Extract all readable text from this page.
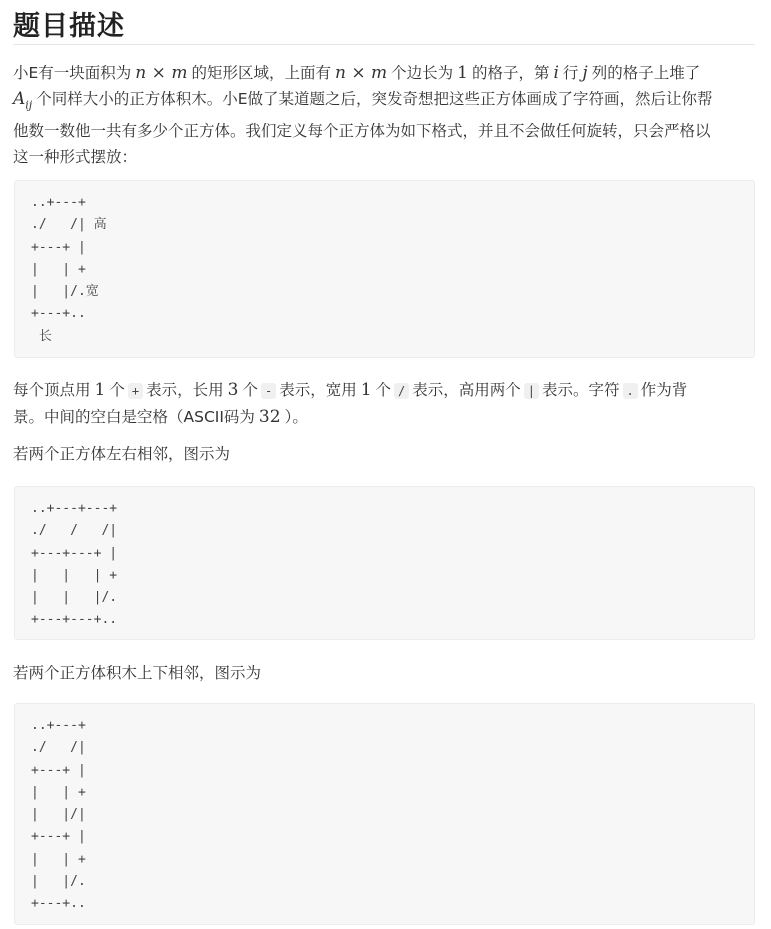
题目描述
小E有一块面积为 n × m 的矩形区域，上面有 n × m 个边长为 1 的格子，第 i 行 j 列的格子上堆了
$A_{ij}$ 个同样大小的正方体积木。小E做了某道题之后，突发奇想把这些正方体画成了字符画，然后让你帮
他数一数他一共有多少个正方体。我们定义每个正方体为如下格式，并且不会做任何旋转，只会严格以
这一种形式摆放：
..+---+
./   /| 高
+---+ |
|   | +
|   |/.宽
+---+..
长
每个顶点用 1 个 + 表示，长用 3 个 - 表示，宽用 1 个 / 表示，高用两个 | 表示。字符 . 作为背
景。中间的空白是空格（ASCII码为 32 ）。
若两个正方体左右相邻，图示为
..+---+---+
./   /   /|
+---+---+ |
|   |   | +
|   |   |/.
+---+---+..
若两个正方体积木上下相邻，图示为
..+---+
./   /|
+---+ |
|   | +
|   |/|
+---+ |
|   | +
|   |/.
+---+..
